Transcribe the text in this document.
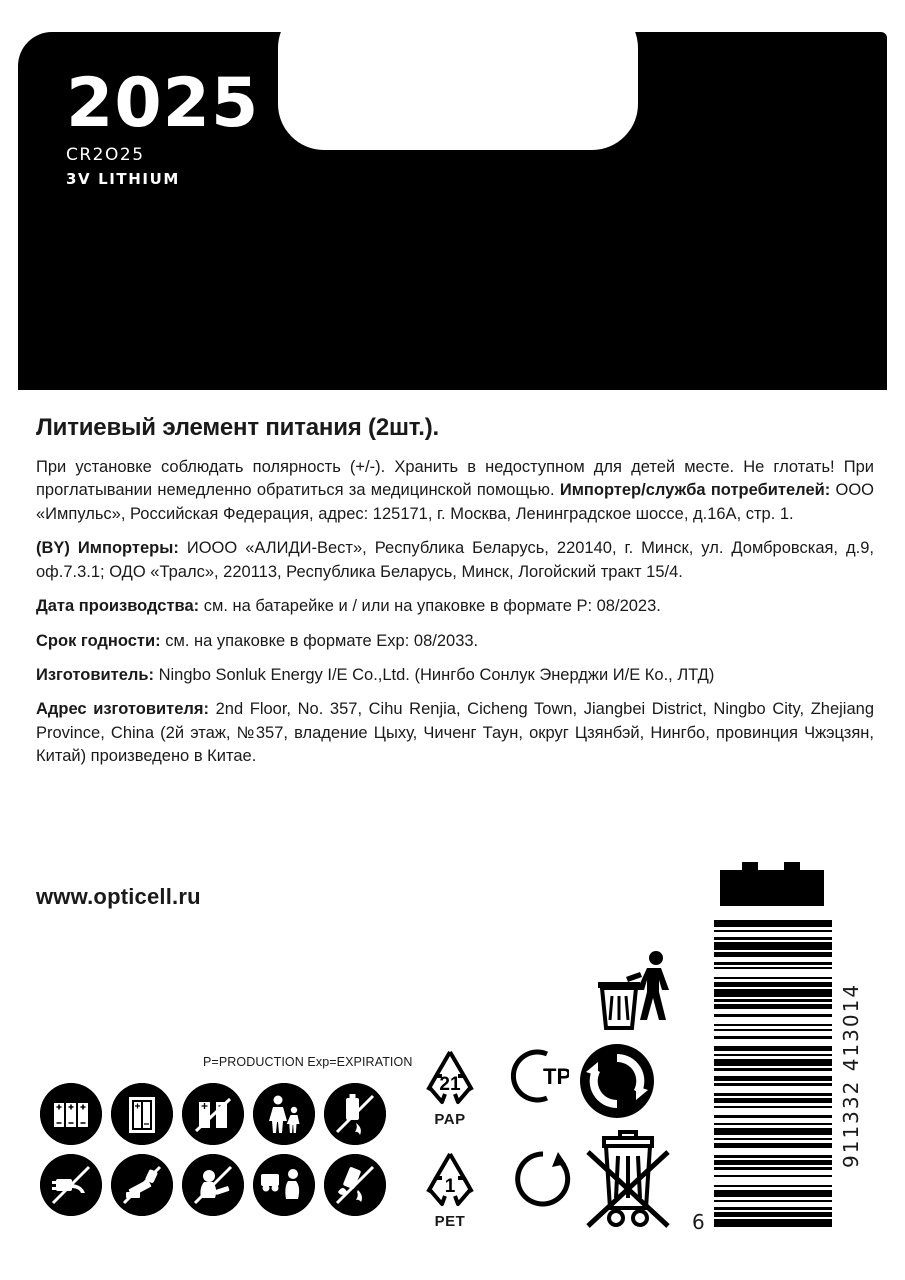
2025
CR2O25
3V LITHIUM
Литиевый элемент питания (2шт.).
При установке соблюдать полярность (+/-). Хранить в недоступном для детей месте. Не глотать! При проглатывании немедленно обратиться за медицинской помощью. Импортер/служба потребителей: ООО «Импульс», Российская Федерация, адрес: 125171, г. Москва, Ленинградское шоссе, д.16А, стр. 1.
(BY) Импортеры: ИООО «АЛИДИ-Вест», Республика Беларусь, 220140, г. Минск, ул. Домбровская, д.9, оф.7.3.1; ОДО «Тралс», 220113, Республика Беларусь, Минск, Логойский тракт 15/4.
Дата производства: см. на батарейке и / или на упаковке в формате P: 08/2023.
Срок годности: см. на упаковке в формате Exp: 08/2033.
Изготовитель: Ningbo Sonluk Energy I/E Co.,Ltd. (Нингбо Сонлук Энерджи И/Е Ко., ЛТД)
Адрес изготовителя: 2nd Floor, No. 357, Cihu Renjia, Cicheng Town, Jiangbei District, Ningbo City, Zhejiang Province, China (2й этаж, №357, владение Цыху, Чиченг Таун, округ Цзянбэй, Нингбо, провинция Чжэцзян, Китай) произведено в Китае.
www.opticell.ru
P=PRODUCTION Exp=EXPIRATION
21
PAP
1
PET
TP	911332 413014
6
